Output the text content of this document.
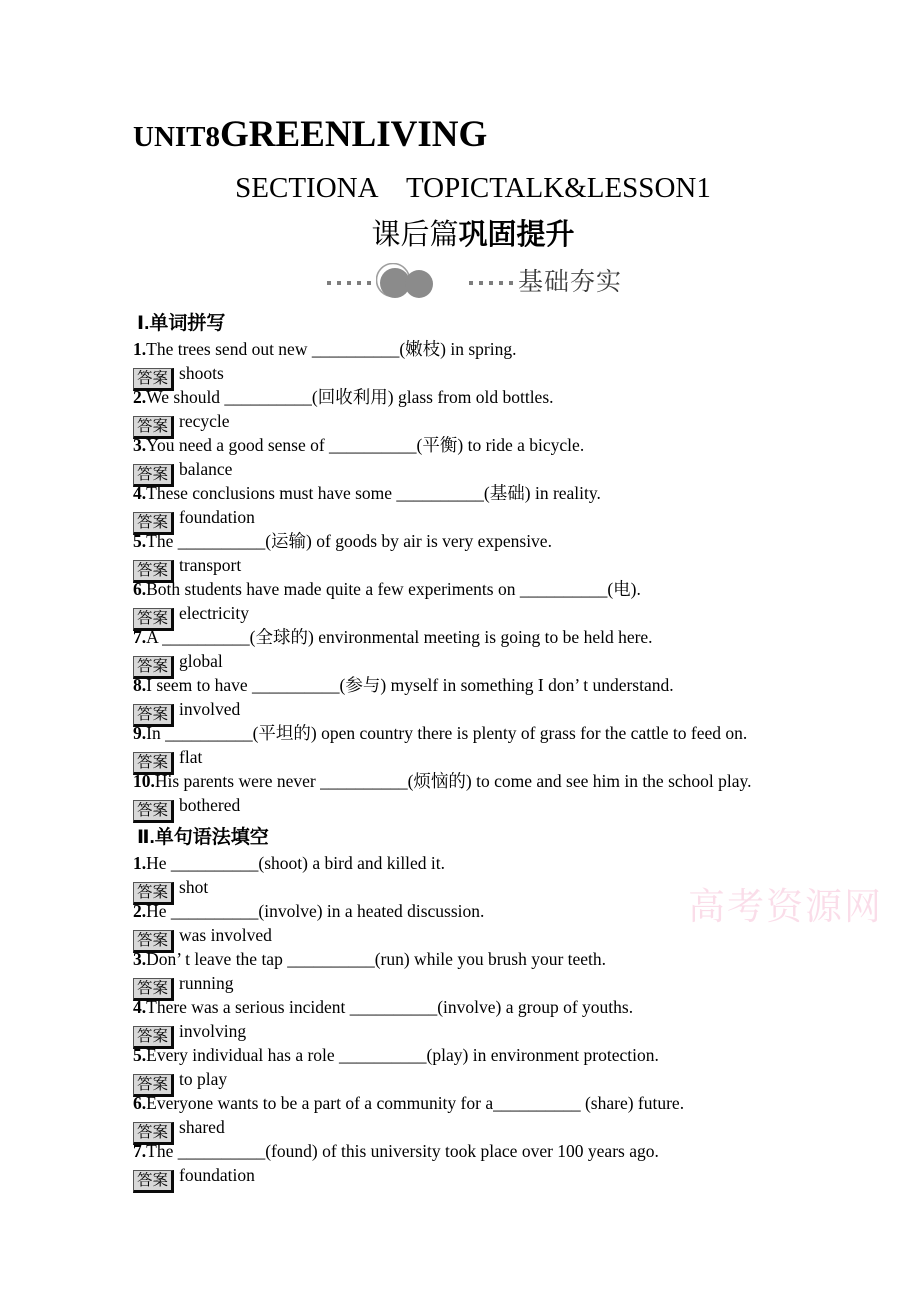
UNIT8GREENLIVING
SECTIONA　TOPICTALK&LESSON1
课后篇巩固提升
基础夯实
Ⅰ.单词拼写
1.The trees send out new __________(嫩枝) in spring.
答案 shoots
2.We should __________(回收利用) glass from old bottles.
答案 recycle
3.You need a good sense of __________(平衡) to ride a bicycle.
答案 balance
4.These conclusions must have some __________(基础) in reality.
答案 foundation
5.The __________(运输) of goods by air is very expensive.
答案 transport
6.Both students have made quite a few experiments on __________(电).
答案 electricity
7.A __________(全球的) environmental meeting is going to be held here.
答案 global
8.I seem to have __________(参与) myself in something I don’ t understand.
答案 involved
9.In __________(平坦的) open country there is plenty of grass for the cattle to feed on.
答案 flat
10.His parents were never __________(烦恼的) to come and see him in the school play.
答案 bothered
Ⅱ.单句语法填空
1.He __________(shoot) a bird and killed it.
答案 shot
2.He __________(involve) in a heated discussion.
答案 was involved
3.Don’ t leave the tap __________(run) while you brush your teeth.
答案 running
4.There was a serious incident __________(involve) a group of youths.
答案 involving
5.Every individual has a role __________(play) in environment protection.
答案 to play
6.Everyone wants to be a part of a community for a__________ (share) future.
答案 shared
7.The __________(found) of this university took place over 100 years ago.
答案 foundation
高考资源网
